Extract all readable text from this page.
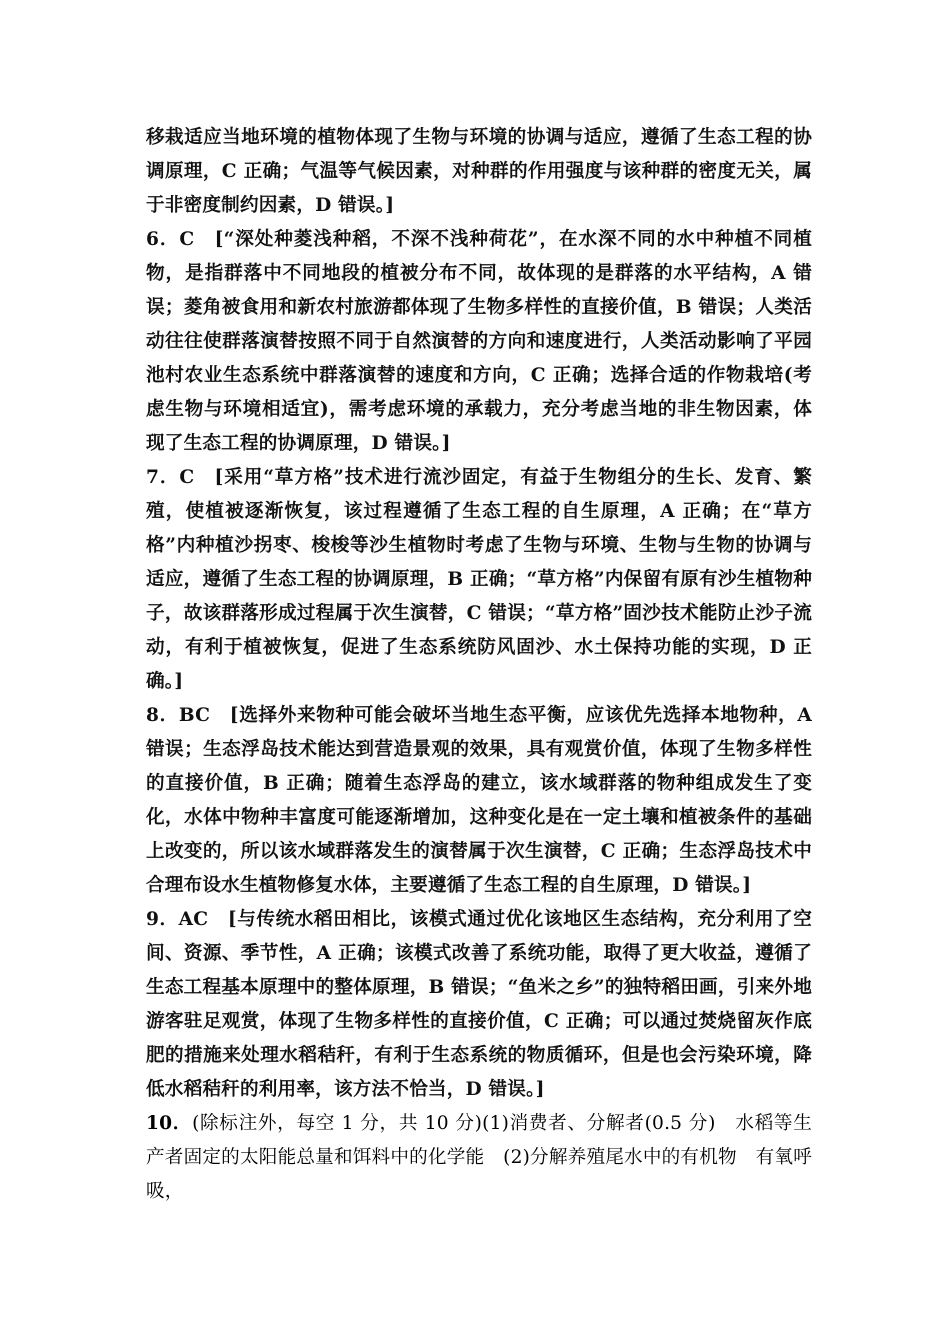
移栽适应当地环境的植物体现了生物与环境的协调与适应，遵循了生态工程的协调原理，C 正确；气温等气候因素，对种群的作用强度与该种群的密度无关，属于非密度制约因素，D 错误。]

6．C　[“深处种菱浅种稻，不深不浅种荷花”，在水深不同的水中种植不同植物，是指群落中不同地段的植被分布不同，故体现的是群落的水平结构，A 错误；菱角被食用和新农村旅游都体现了生物多样性的直接价值，B 错误；人类活动往往使群落演替按照不同于自然演替的方向和速度进行，人类活动影响了平园池村农业生态系统中群落演替的速度和方向，C 正确；选择合适的作物栽培(考虑生物与环境相适宜)，需考虑环境的承载力，充分考虑当地的非生物因素，体现了生态工程的协调原理，D 错误。]

7．C　[采用“草方格”技术进行流沙固定，有益于生物组分的生长、发育、繁殖，使植被逐渐恢复，该过程遵循了生态工程的自生原理，A 正确；在“草方格”内种植沙拐枣、梭梭等沙生植物时考虑了生物与环境、生物与生物的协调与适应，遵循了生态工程的协调原理，B 正确；“草方格”内保留有原有沙生植物种子，故该群落形成过程属于次生演替，C 错误；“草方格”固沙技术能防止沙子流动，有利于植被恢复，促进了生态系统防风固沙、水土保持功能的实现，D 正确。]

8．BC　[选择外来物种可能会破坏当地生态平衡，应该优先选择本地物种，A 错误；生态浮岛技术能达到营造景观的效果，具有观赏价值，体现了生物多样性的直接价值，B 正确；随着生态浮岛的建立，该水域群落的物种组成发生了变化，水体中物种丰富度可能逐渐增加，这种变化是在一定土壤和植被条件的基础上改变的，所以该水域群落发生的演替属于次生演替，C 正确；生态浮岛技术中合理布设水生植物修复水体，主要遵循了生态工程的自生原理，D 错误。]

9．AC　[与传统水稻田相比，该模式通过优化该地区生态结构，充分利用了空间、资源、季节性，A 正确；该模式改善了系统功能，取得了更大收益，遵循了生态工程基本原理中的整体原理，B 错误；“鱼米之乡”的独特稻田画，引来外地游客驻足观赏，体现了生物多样性的直接价值，C 正确；可以通过焚烧留灰作底肥的措施来处理水稻秸秆，有利于生态系统的物质循环，但是也会污染环境，降低水稻秸秆的利用率，该方法不恰当，D 错误。]

10．(除标注外，每空 1 分，共 10 分)(1)消费者、分解者(0.5 分)　水稻等生产者固定的太阳能总量和饵料中的化学能　(2)分解养殖尾水中的有机物　有氧呼吸，
